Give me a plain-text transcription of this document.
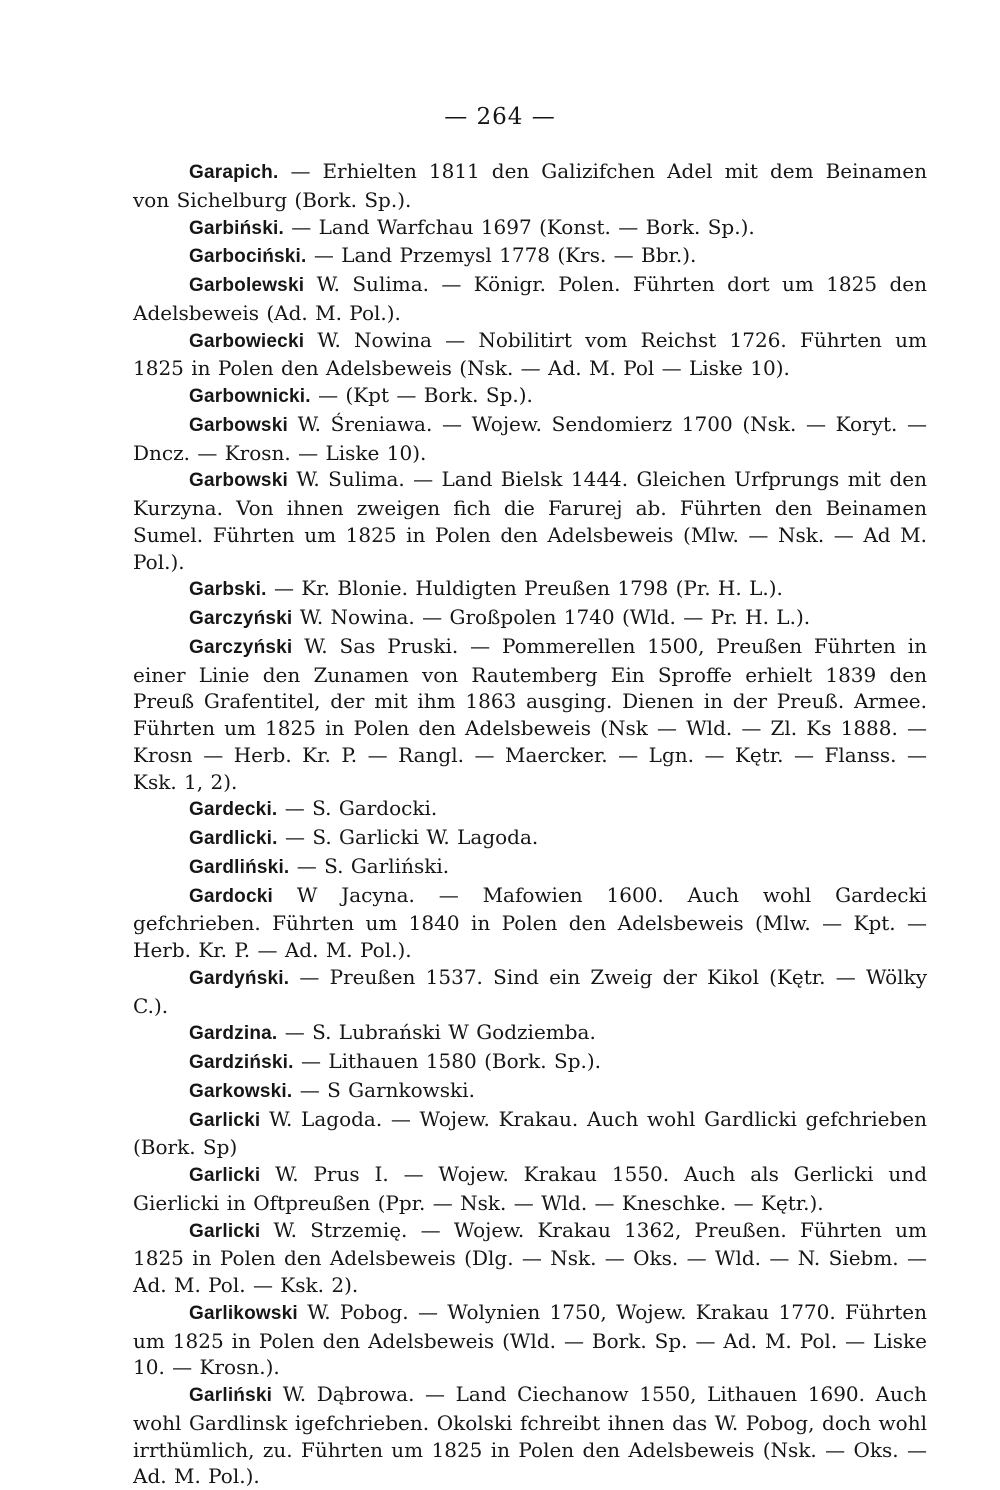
— 264 —

Garapich. — Erhielten 1811 den Galizifchen Adel mit dem Beinamen von Sichelburg (Bork. Sp.).

Garbiński. — Land Warfchau 1697 (Konst. — Bork. Sp.).

Garbociński. — Land Przemysl 1778 (Krs. — Bbr.).

Garbolewski W. Sulima. — Königr. Polen. Führten dort um 1825 den Adelsbeweis (Ad. M. Pol.).

Garbowiecki W. Nowina — Nobilitirt vom Reichst 1726. Führten um 1825 in Polen den Adelsbeweis (Nsk. — Ad. M. Pol — Liske 10).

Garbownicki. — (Kpt — Bork. Sp.).

Garbowski W. Śreniawa. — Wojew. Sendomierz 1700 (Nsk. — Koryt. — Dncz. — Krosn. — Liske 10).

Garbowski W. Sulima. — Land Bielsk 1444. Gleichen Urfprungs mit den Kurzyna. Von ihnen zweigen fich die Farurej ab. Führten den Beinamen Sumel. Führten um 1825 in Polen den Adelsbeweis (Mlw. — Nsk. — Ad M. Pol.).

Garbski. — Kr. Blonie. Huldigten Preußen 1798 (Pr. H. L.).

Garczyński W. Nowina. — Großpolen 1740 (Wld. — Pr. H. L.).

Garczyński W. Sas Pruski. — Pommerellen 1500, Preußen Führten in einer Linie den Zunamen von Rautemberg Ein Sproffe erhielt 1839 den Preuß Grafentitel, der mit ihm 1863 ausging. Dienen in der Preuß. Armee. Führten um 1825 in Polen den Adelsbeweis (Nsk — Wld. — Zl. Ks 1888. — Krosn — Herb. Kr. P. — Rangl. — Maercker. — Lgn. — Kętr. — Flanss. — Ksk. 1, 2).

Gardecki. — S. Gardocki.

Gardlicki. — S. Garlicki W. Lagoda.

Gardliński. — S. Garliński.

Gardocki W Jacyna. — Mafowien 1600. Auch wohl Gardecki gefchrieben. Führten um 1840 in Polen den Adelsbeweis (Mlw. — Kpt. — Herb. Kr. P. — Ad. M. Pol.).

Gardyński. — Preußen 1537. Sind ein Zweig der Kikol (Kętr. — Wölky C.).

Gardzina. — S. Lubrański W Godziemba.

Gardziński. — Lithauen 1580 (Bork. Sp.).

Garkowski. — S Garnkowski.

Garlicki W. Lagoda. — Wojew. Krakau. Auch wohl Gardlicki gefchrieben (Bork. Sp)

Garlicki W. Prus I. — Wojew. Krakau 1550. Auch als Gerlicki und Gierlicki in Oftpreußen (Ppr. — Nsk. — Wld. — Kneschke. — Kętr.).

Garlicki W. Strzemię. — Wojew. Krakau 1362, Preußen. Führten um 1825 in Polen den Adelsbeweis (Dlg. — Nsk. — Oks. — Wld. — N. Siebm. — Ad. M. Pol. — Ksk. 2).

Garlikowski W. Pobog. — Wolynien 1750, Wojew. Krakau 1770. Führten um 1825 in Polen den Adelsbeweis (Wld. — Bork. Sp. — Ad. M. Pol. — Liske 10. — Krosn.).

Garliński W. Dąbrowa. — Land Ciechanow 1550, Lithauen 1690. Auch wohl Gardlinsk igefchrieben. Okolski fchreibt ihnen das W. Pobog, doch wohl irrthümlich, zu. Führten um 1825 in Polen den Adelsbeweis (Nsk. — Oks. — Ad. M. Pol.).
